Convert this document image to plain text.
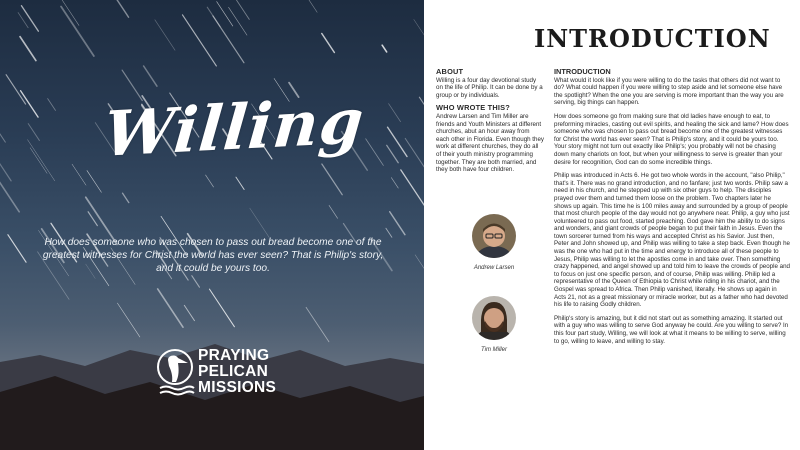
Willing
How does someone who was chosen to pass out bread become one of the greatest witnesses for Christ the world has ever seen? That is Philip's story, and it could be yours too.
PRAYING
PELICAN
MISSIONS
INTRODUCTION
ABOUT

Willing is a four day devotional study on the life of Philip. It can be done by a group or by individuals.

WHO WROTE THIS?

Andrew Larsen and Tim Miller are friends and Youth Ministers at different churches, abut an hour away from each other in Florida. Even though they work at different churches, they do all of their youth ministry programming together. They are both married, and they both have four children.

Andrew Larsen
Tim Miller
INTRODUCTION

What would it look like if you were willing to do the tasks that others did not want to do? What could happen if you were willing to step aside and let someone else have the spotlight? When the one you are serving is more important than the way you are serving, big things can happen.

How does someone go from making sure that old ladies have enough to eat, to preforming miracles, casting out evil spirits, and healing the sick and lame? How does someone who was chosen to pass out bread become one of the greatest witnesses for Christ the world has ever seen? That is Philip's story, and it could be yours too. Your story might not turn out exactly like Philip's; you probably will not be chasing down many chariots on foot, but when your willingness to serve is greater than your desire for recognition, God can do some incredible things.

Philip was introduced in Acts 6. He got two whole words in the account, "also Philip," that's it. There was no grand introduction, and no fanfare; just two words. Philip saw a need in his church, and he stepped up with six other guys to help. The disciples prayed over them and turned them loose on the problem. Two chapters later he shows up again. This time he is 100 miles away and surrounded by a group of people that most church people of the day would not go anywhere near. Philip, a guy who just volunteered to pass out food, started preaching. God gave him the ability to do signs and wonders, and giant crowds of people began to put their faith in Jesus. Even the town sorcerer turned from his ways and accepted Christ as his Savior. Just then, Peter and John showed up, and Philip was willing to take a step back. Even though he was the one who had put in the time and energy to introduce all of these people to Jesus, Philip was willing to let the apostles come in and take over. Then something crazy happened, and angel showed up and told him to leave the crowds of people and to focus on just one specific person, and of course, Philip was willing. Philip led a representative of the Queen of Ethiopia to Christ while riding in his chariot, and the Gospel was spread to Africa. Then Philip vanished, literally. He shows up again in Acts 21, not as a great missionary or miracle worker, but as a father who had devoted his life to raising Godly children.

Philip's story is amazing, but it did not start out as something amazing. It started out with a guy who was willing to serve God anyway he could. Are you willing to serve? In this four part study, Willing, we will look at what it means to be willing to serve, willing to go, willing to leave, and willing to stay.
